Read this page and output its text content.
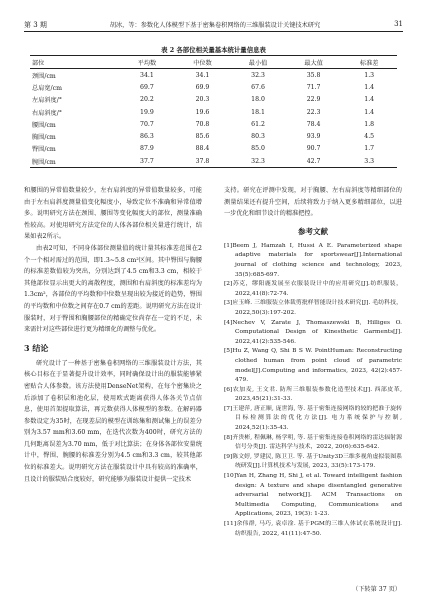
第 3 期	胡冰，等：参数化人体模型下基于密集卷积网络的三维服装设计关键技术研究	31
表 2 各部位相关量基本统计量信息表
部位	平均数	中位数	最小值	最大值	标准差
颈围/cm	34.1	34.1	32.3	35.8	1.3
总肩宽/cm	69.7	69.9	67.6	71.7	1.4
左肩斜度/°	20.2	20.3	18.0	22.9	1.4
右肩斜度/°	19.9	19.6	18.1	22.3	1.4
腰围/cm	70.7	70.8	61.2	78.4	1.8
胸围/cm	86.3	85.6	80.3	93.9	4.5
臀围/cm	87.9	88.4	85.0	90.7	1.7
腕围/cm	37.7	37.8	32.3	42.7	3.3

和腰围的异常值数量较少，左右肩斜度的异常值数量较多，可能由于左右肩斜度测量值变化幅度小，导致定位不准确和异常值增多。说明研究方法在颈围、腰围等变化幅度大的部位，测量准确性较高。对使用研究方法定位的人体各部位相关量进行统计，结果如表2所示。

由表2可知，不同身体部位测量值的统计量其标准差范围在2个一个相对需过的范围，即1.3~5.8 cm²区间。其中臀围与胸腰的标准差数值较为突出，分别达到了4.5 cm和3.3 cm，相较于其他部位显示出更大的离散程度，测围和右肩斜度的标准差均为1.3cm²，各部位的平均数和中位数呈现出较为接近的趋势，臀围的平均数和中位数之间存在0.7 cm的差距。说明研究方法在设计服装时，对于臀围和胸腰部位的精确定位尚存在一定的不足，未来需针对这些部位进行更为精细化的调整与优化。

3 结论

研究设计了一种基于密集卷积网络的三维服装设计方法，其核心目标在于显著提升设计效率，同时确保设计出的服装能够紧密贴合人体参数。该方法使用DenseNet架构，在每个密集块之后添加了卷积层和池化层，使用欧式距离获得人体各关节点信息，使用首架提取算法，再元数获得人体模型的参数。在解码器参数设定为35时，在现差层的模型在训练集和测试集上的误差分别为3.57 mm和3.60 mm，在迭代次数为400时，研究方法的几何距离误差为3.70 mm，低于对比算法；在身体各部位安量统计中，臀围、腕腰的标准差分别为4.5 cm和3.3 cm，较其他部位的标准差大。说明研究方法在服装设计中具有较高的准确率，且设计的服装贴合度较好，研究能够为服装设计提供一定技术

支持。研究在评测中发现，对于胸腰、左右肩斜度等精细部位的测量结果还有提升空间，后续将致力于纳入更多精细部位，以进一步优化和细节设计的精准把控。

参考文献

[1]Beem J, Hamzah I, Hussi A E. Parameterized shape adaptive materials for sportswear[J].International journal of clothing science and technology, 2023, 35(5):685-697.

[2]苏克，缪阳鹿发展至衣服装设计中的应用研究[J].纺织服装，2022,41(8):72-74.

[3]应玉峰. 三维服装立体裁剪批样智能设计技术研究[J]. 毛纺科技，2022,50(3):197-202.

[4]Nechev V, Zarate J, Thomaszewski B, Hilliges O. Computational Design of Kinesthetic Garments[J]. 2022,41(2):535-546.

[5]Hu Z, Wang Q, Shi B S W. PointHuman: Reconstructing clothed human from point cloud of parametric model[J].Computing and informatics, 2023, 42(2):457-479.

[6]农加麦, 王文君. 防所三维服装参数化造型技术[J]. 西部皮革, 2023,45(21):31-33.

[7]王建萍, 唐正顺, 庞世海, 等. 基于密集连接网络的较的把准于旋转目标检测算法的优化方法[J]. 电力系统保护与控制, 2024,52(1):35-43.

[8]齐贵彬, 程佩琳, 杨学明, 等. 基于密集连接卷积网络的雷达辐射源信号分类[J]. 雷达科学与技术，2022, 20(6):635-642.

[9]陈文婷, 罗建民, 陈卫卫. 等. 基于Unity3D三维多视角虚拟装图系统研发[J].计算机技术与发展, 2023, 33(5):173-179.

[10]Yan H, Zhang H, Shi J, et al. Toward intelligent fashion design: A texture and shape disentangled generative adversarial network[J]. ACM Transactions on Multimedia Computing, Communications and Applications, 2023, 19(3): 1-23.

[11]余伟群, 马巧, 袁卓淦. 基于PGM的三维人体试衣系统设计[J]. 纺织报告, 2022, 41(11):47-50.

（下转第 37 页）
